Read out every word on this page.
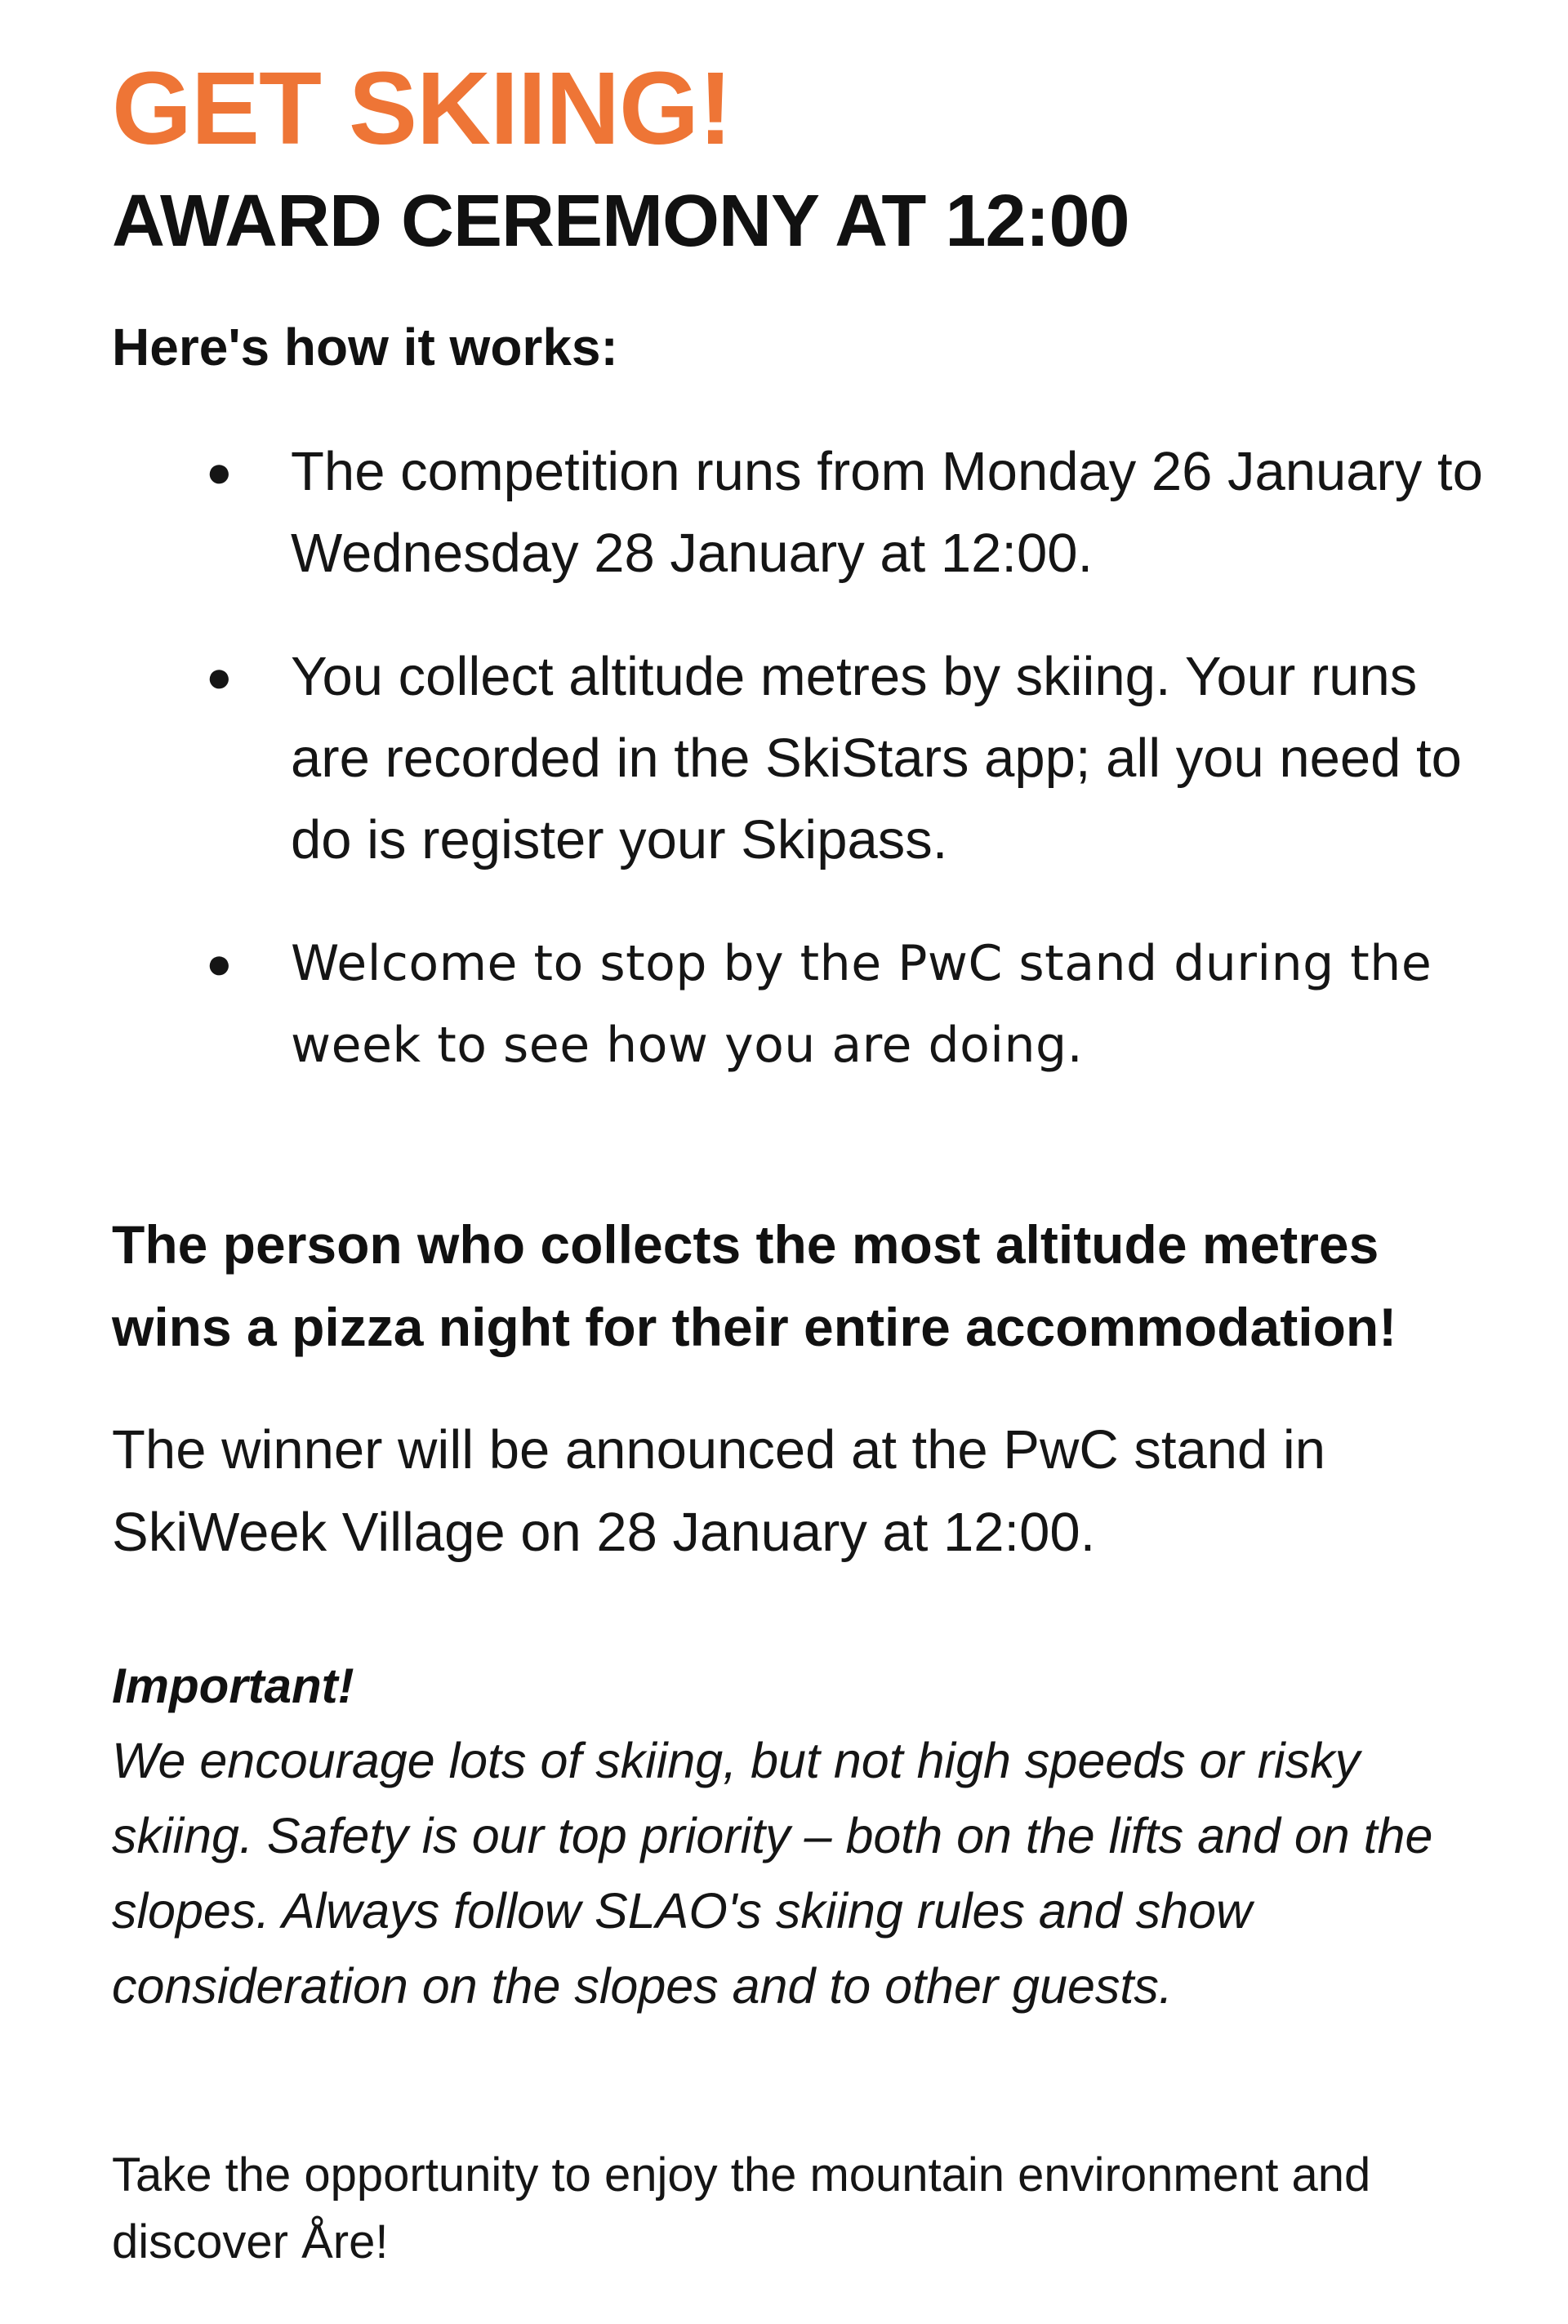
GET SKIING!
AWARD CEREMONY AT 12:00
Here's how it works:
● The competition runs from Monday 26 January to Wednesday 28 January at 12:00.
● You collect altitude metres by skiing. Your runs are recorded in the SkiStars app; all you need to do is register your Skipass.
● Welcome to stop by the PwC stand during the week to see how you are doing.

The person who collects the most altitude metres wins a pizza night for their entire accommodation!

The winner will be announced at the PwC stand in SkiWeek Village on 28 January at 12:00.

Important!

We encourage lots of skiing, but not high speeds or risky skiing. Safety is our top priority – both on the lifts and on the slopes. Always follow SLAO's skiing rules and show consideration on the slopes and to other guests.

Take the opportunity to enjoy the mountain environment and discover Åre!
